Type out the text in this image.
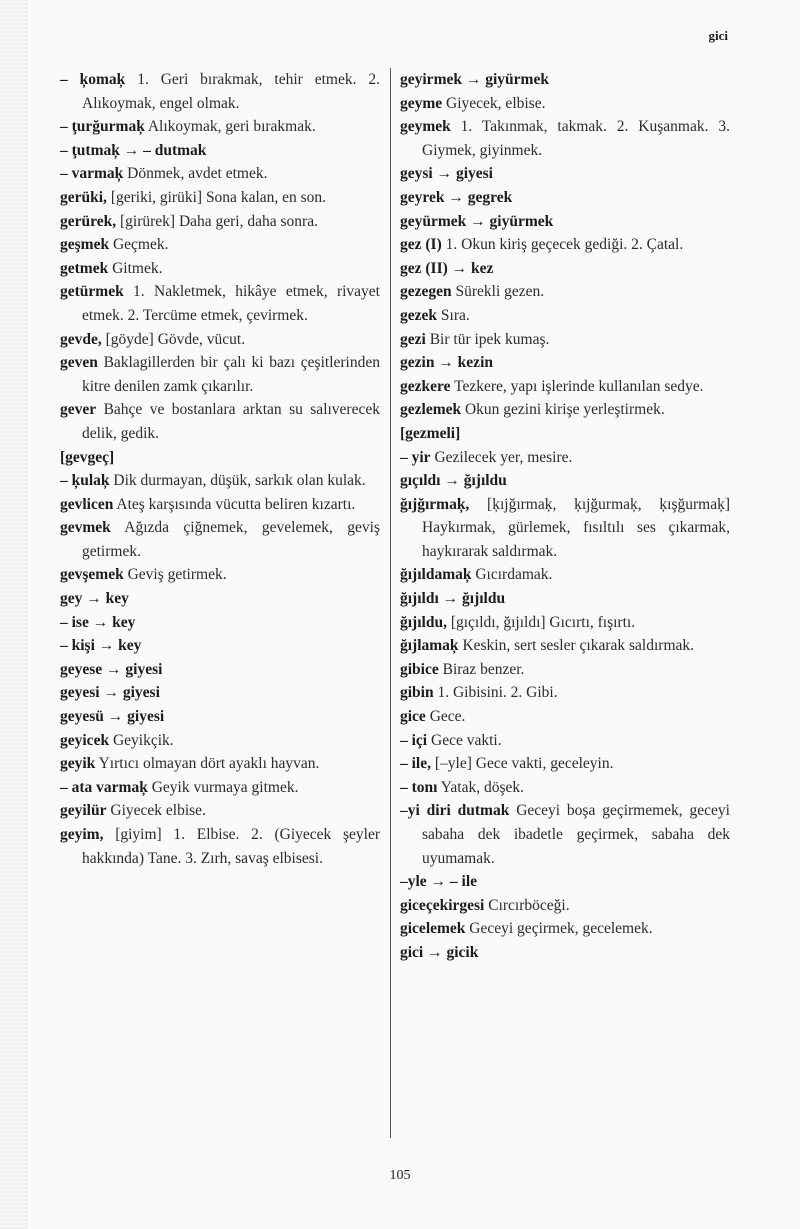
gici

– ķomaķ 1. Geri bırakmak, tehir etmek. 2. Alıkoymak, engel olmak.

– ţurğurmaķ Alıkoymak, geri bırakmak.

– ţutmaķ → – dutmak

– varmaķ Dönmek, avdet etmek.

gerüki, [geriki, girüki] Sona kalan, en son.

gerürek, [girürek] Daha geri, daha sonra.

geşmek Geçmek.

getmek Gitmek.

getürmek 1. Nakletmek, hikâye etmek, rivayet etmek. 2. Tercüme etmek, çevirmek.

gevde, [göyde] Gövde, vücut.

geven Baklagillerden bir çalı ki bazı çeşitlerinden kitre denilen zamk çıkarılır.

gever Bahçe ve bostanlara arktan su salıverecek delik, gedik.

[gevgeç]

– ķulaķ Dik durmayan, düşük, sarkık olan kulak.

gevlicen Ateş karşısında vücutta beliren kızartı.

gevmek Ağızda çiğnemek, gevelemek, geviş getirmek.

gevşemek Geviş getirmek.

gey → key

– ise → key

– kişi → key

geyese → giyesi

geyesi → giyesi

geyesü → giyesi

geyicek Geyikçik.

geyik Yırtıcı olmayan dört ayaklı hayvan.

– ata varmaķ Geyik vurmaya gitmek.

geyilür Giyecek elbise.

geyim, [giyim] 1. Elbise. 2. (Giyecek şeyler hakkında) Tane. 3. Zırh, savaş elbisesi.

geyirmek → giyürmek

geyme Giyecek, elbise.

geymek 1. Takınmak, takmak. 2. Kuşanmak. 3. Giymek, giyinmek.

geysi → giyesi

geyrek → gegrek

geyürmek → giyürmek

gez (I) 1. Okun kiriş geçecek gediği. 2. Çatal.

gez (II) → kez

gezegen Sürekli gezen.

gezek Sıra.

gezi Bir tür ipek kumaş.

gezin → kezin

gezkere Tezkere, yapı işlerinde kullanılan sedye.

gezlemek Okun gezini kirişe yerleştirmek.

[gezmeli]

– yir Gezilecek yer, mesire.

gıçıldı → ğıjıldu

ğıjğırmaķ, [ķıjğırmaķ, ķıjğurmaķ, ķışğurmaķ] Haykırmak, gürlemek, fısıltılı ses çıkarmak, haykırarak saldırmak.

ğıjıldamaķ Gıcırdamak.

ğıjıldı → ğıjıldu

ğıjıldu, [gıçıldı, ğıjıldı] Gıcırtı, fışırtı.

ğıjlamaķ Keskin, sert sesler çıkarak saldırmak.

gibice Biraz benzer.

gibin 1. Gibisini. 2. Gibi.

gice Gece.

– içi Gece vakti.

– ile, [–yle] Gece vakti, geceleyin.

– tonı Yatak, döşek.

–yi diri dutmak Geceyi boşa geçirmemek, geceyi sabaha dek ibadetle geçirmek, sabaha dek uyumamak.

–yle → – ile

giceçekirgesi Cırcırböceği.

gicelemek Geceyi geçirmek, gecelemek.

gici → gicik

105
